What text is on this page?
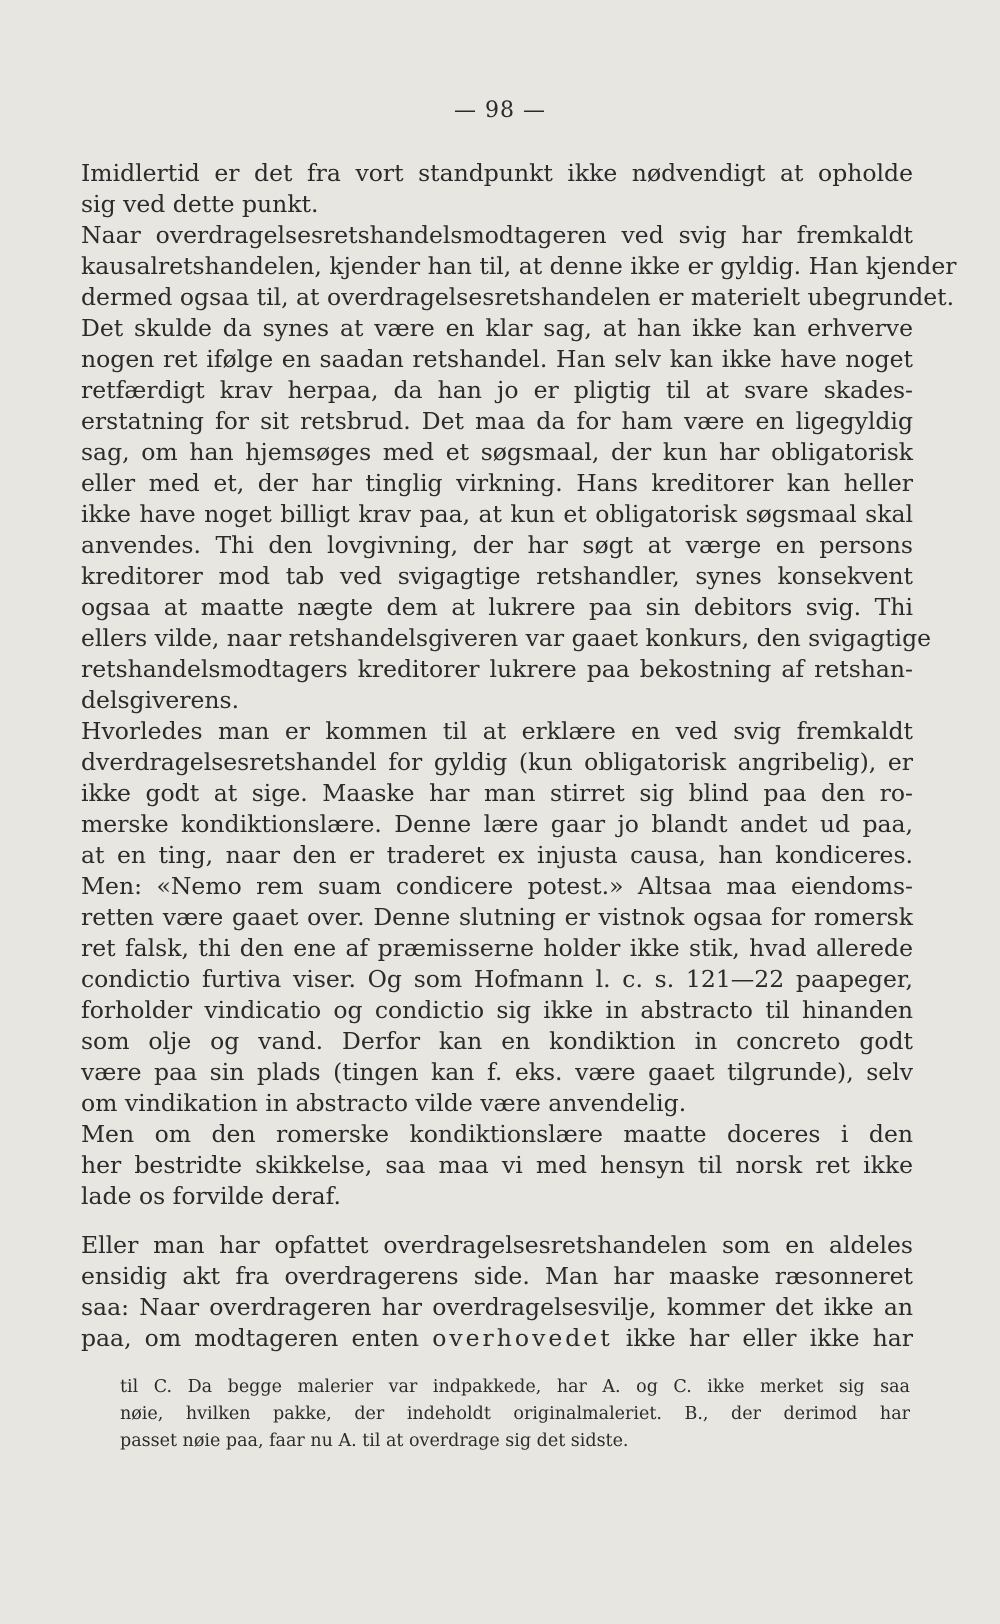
— 98 —
Imidlertid er det fra vort standpunkt ikke nødvendigt at opholde
sig ved dette punkt.
Naar overdragelsesretshandelsmodtageren ved svig har fremkaldt
kausalretshandelen, kjender han til, at denne ikke er gyldig. Han kjender
dermed ogsaa til, at overdragelsesretshandelen er materielt ubegrundet.
Det skulde da synes at være en klar sag, at han ikke kan erhverve
nogen ret ifølge en saadan retshandel. Han selv kan ikke have noget
retfærdigt krav herpaa, da han jo er pligtig til at svare skades-
erstatning for sit retsbrud. Det maa da for ham være en ligegyldig
sag, om han hjemsøges med et søgsmaal, der kun har obligatorisk
eller med et, der har tinglig virkning. Hans kreditorer kan heller
ikke have noget billigt krav paa, at kun et obligatorisk søgsmaal skal
anvendes. Thi den lovgivning, der har søgt at værge en persons
kreditorer mod tab ved svigagtige retshandler, synes konsekvent
ogsaa at maatte nægte dem at lukrere paa sin debitors svig. Thi
ellers vilde, naar retshandelsgiveren var gaaet konkurs, den svigagtige
retshandelsmodtagers kreditorer lukrere paa bekostning af retshan-
delsgiverens.
Hvorledes man er kommen til at erklære en ved svig fremkaldt
dverdragelsesretshandel for gyldig (kun obligatorisk angribelig), er
ikke godt at sige. Maaske har man stirret sig blind paa den ro-
merske kondiktionslære. Denne lære gaar jo blandt andet ud paa,
at en ting, naar den er traderet ex injusta causa, han kondiceres.
Men: «Nemo rem suam condicere potest.» Altsaa maa eiendoms-
retten være gaaet over. Denne slutning er vistnok ogsaa for romersk
ret falsk, thi den ene af præmisserne holder ikke stik, hvad allerede
condictio furtiva viser. Og som Hofmann l. c. s. 121—22 paapeger,
forholder vindicatio og condictio sig ikke in abstracto til hinanden
som olje og vand. Derfor kan en kondiktion in concreto godt
være paa sin plads (tingen kan f. eks. være gaaet tilgrunde), selv
om vindikation in abstracto vilde være anvendelig.
Men om den romerske kondiktionslære maatte doceres i den
her bestridte skikkelse, saa maa vi med hensyn til norsk ret ikke
lade os forvilde deraf.
Eller man har opfattet overdragelsesretshandelen som en aldeles
ensidig akt fra overdragerens side. Man har maaske ræsonneret
saa: Naar overdrageren har overdragelsesvilje, kommer det ikke an
paa, om modtageren enten overhovedet ikke har eller ikke har
til C. Da begge malerier var indpakkede, har A. og C. ikke merket sig saa
nøie, hvilken pakke, der indeholdt originalmaleriet. B., der derimod har
passet nøie paa, faar nu A. til at overdrage sig det sidste.
